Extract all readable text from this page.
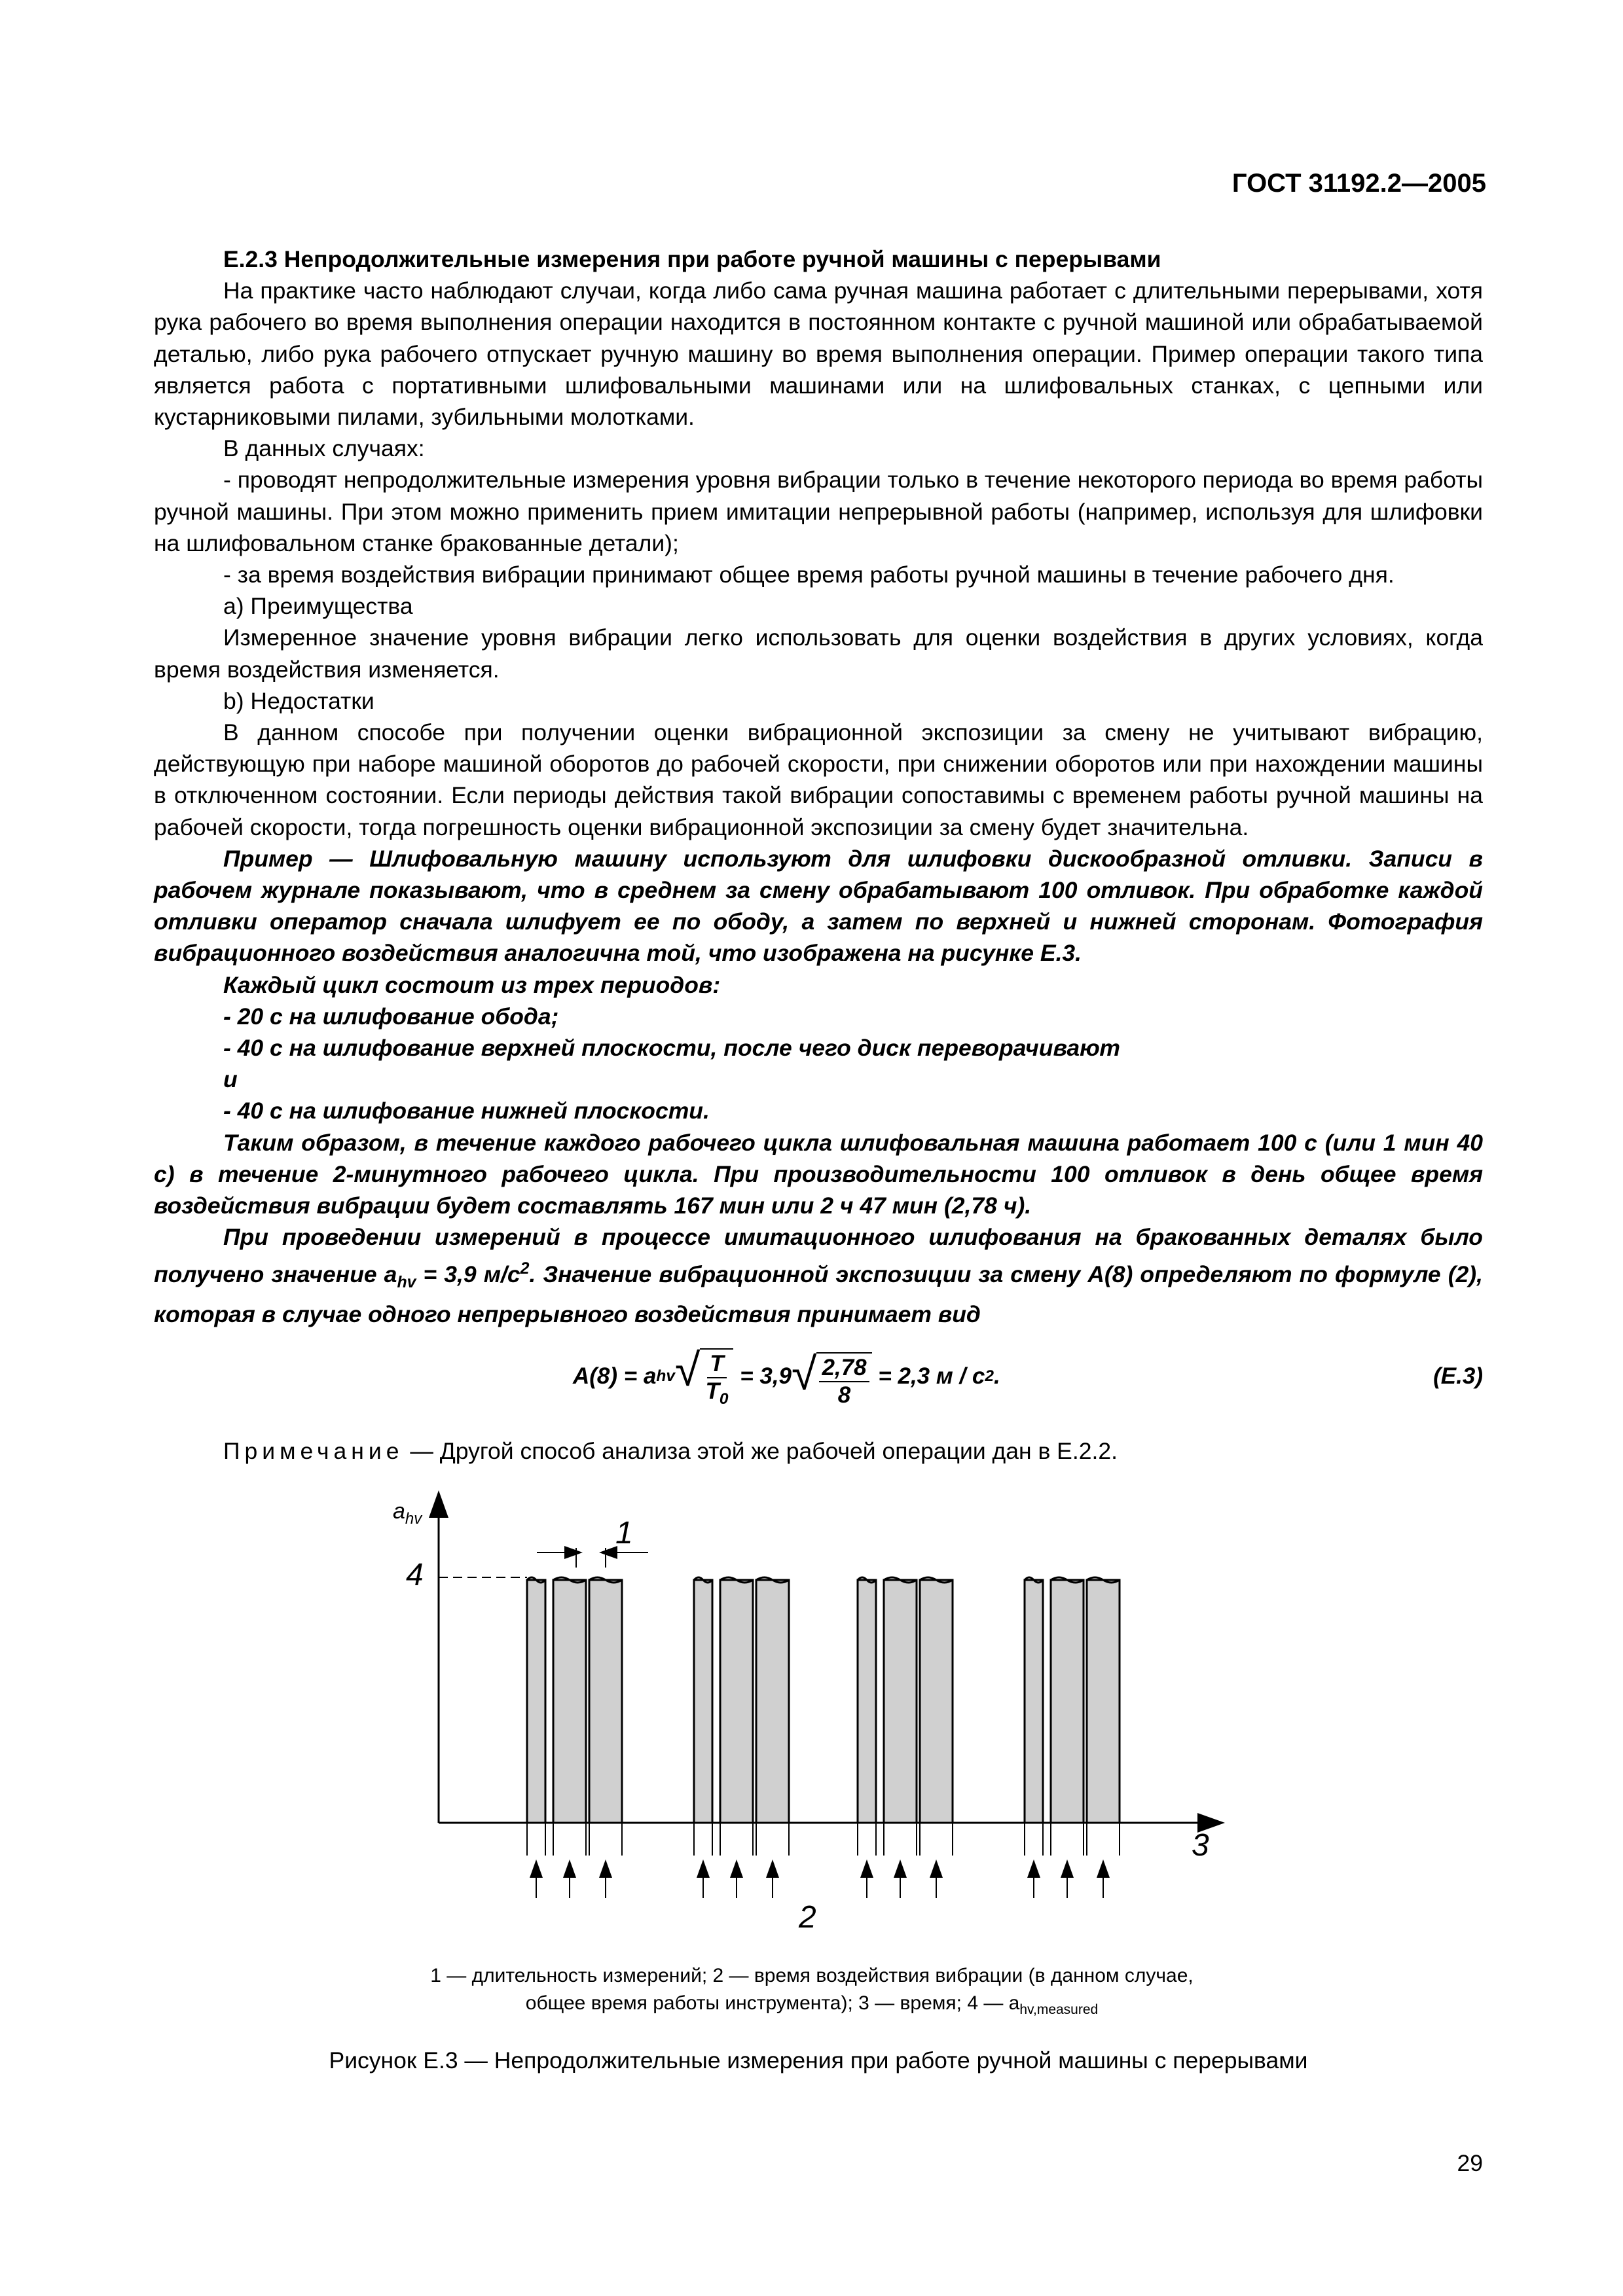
ГОСТ 31192.2—2005

Е.2.3 Непродолжительные измерения при работе ручной машины с перерывами

На практике часто наблюдают случаи, когда либо сама ручная машина работает с длительными перерывами, хотя рука рабочего во время выполнения операции находится в постоянном контакте с ручной машиной или обрабатываемой деталью, либо рука рабочего отпускает ручную машину во время выполнения операции. Пример операции такого типа является работа с портативными шлифовальными машинами или на шлифовальных станках, с цепными или кустарниковыми пилами, зубильными молотками.

В данных случаях:

- проводят непродолжительные измерения уровня вибрации только в течение некоторого периода во время работы ручной машины. При этом можно применить прием имитации непрерывной работы (например, используя для шлифовки на шлифовальном станке бракованные детали);

- за время воздействия вибрации принимают общее время работы ручной машины в течение рабочего дня.

а) Преимущества

Измеренное значение уровня вибрации легко использовать для оценки воздействия в других условиях, когда время воздействия изменяется.

b) Недостатки

В данном способе при получении оценки вибрационной экспозиции за смену не учитывают вибрацию, действующую при наборе машиной оборотов до рабочей скорости, при снижении оборотов или при нахождении машины в отключенном состоянии. Если периоды действия такой вибрации сопоставимы с временем работы ручной машины на рабочей скорости, тогда погрешность оценки вибрационной экспозиции за смену будет значительна.

Пример — Шлифовальную машину используют для шлифовки дискообразной отливки. Записи в рабочем журнале показывают, что в среднем за смену обрабатывают 100 отливок. При обработке каждой отливки оператор сначала шлифует ее по ободу, а затем по верхней и нижней сторонам. Фотография вибрационного воздействия аналогична той, что изображена на рисунке Е.3.

Каждый цикл состоит из трех периодов:

- 20 с на шлифование обода;

- 40 с на шлифование верхней плоскости, после чего диск переворачивают

и

- 40 с на шлифование нижней плоскости.

Таким образом, в течение каждого рабочего цикла шлифовальная машина работает 100 с (или 1 мин 40 с) в течение 2-минутного рабочего цикла. При производительности 100 отливок в день общее время воздействия вибрации будет составлять 167 мин или 2 ч 47 мин (2,78 ч).

При проведении измерений в процессе имитационного шлифования на бракованных деталях было получено значение $a_{hv} = 3,9$ $м/с^2$. Значение вибрационной экспозиции за смену A(8) определяют по формуле (2), которая в случае одного непрерывного воздействия принимает вид

A(8) =
a hv √ $\frac{T}{T_0}$
= 3,9 √ $\frac{2,78}{8}$
= 2,3 м / с 2 .	(Е.3)
Примечание — Другой способ анализа этой же рабочей операции дан в Е.2.2.
$a_{hv}$
4
1
3
2
1 — длительность измерений; 2 — время воздействия вибрации (в данном случае,
общее время работы инструмента); 3 — время; 4 — $a_{hv,measured}$
Рисунок Е.3 — Непродолжительные измерения при работе ручной машины с перерывами
29
